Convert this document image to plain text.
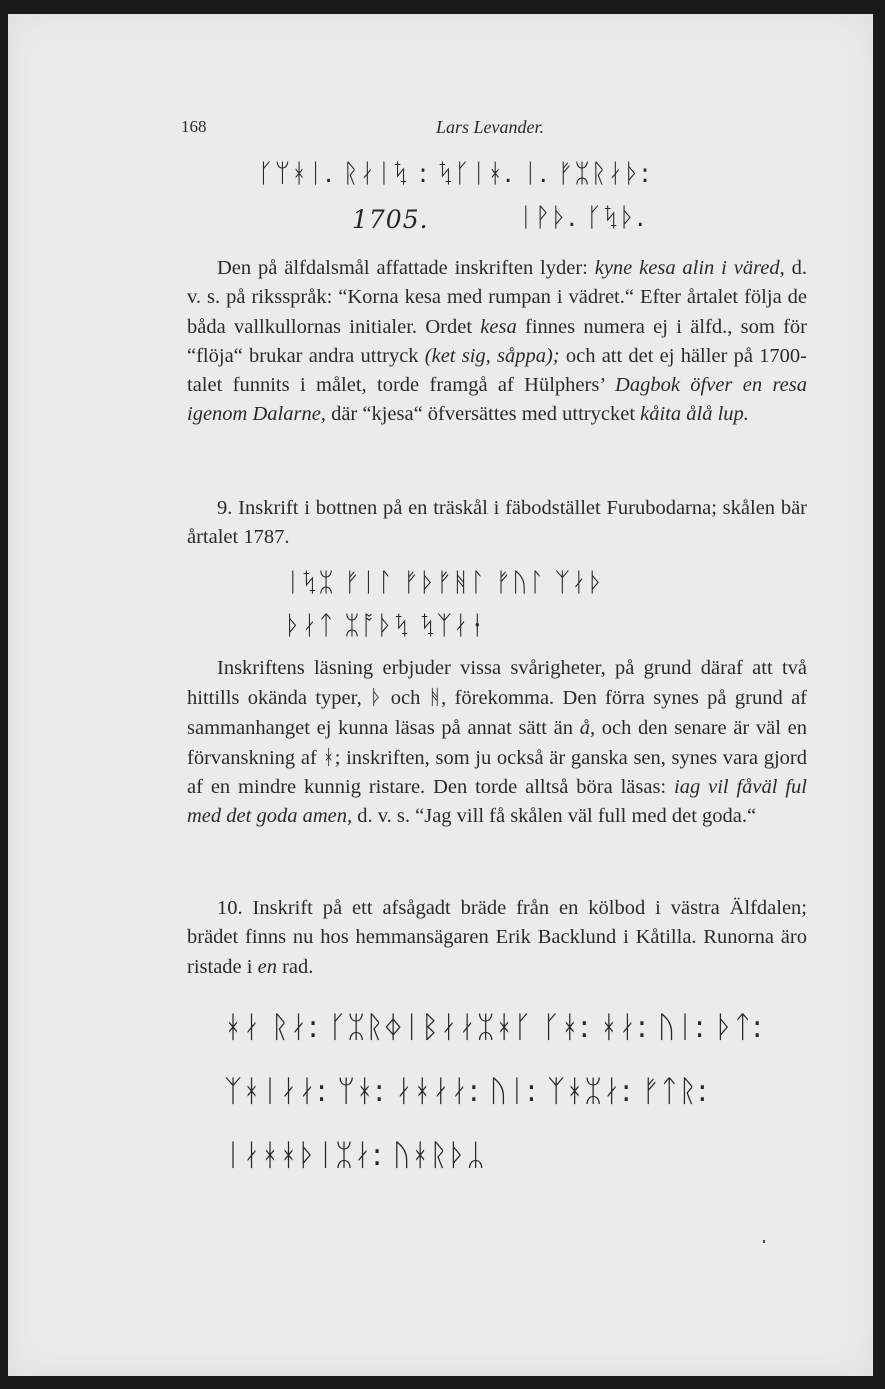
168	Lars Levander.
ᚴᛘᚼᛁ. ᚱᛅᛁᛪ : ᛪᚴᛁᚼ. ᛁ. ᚠᛯᚱᛅᚦ:
1705.	ᛁᚹᚦ. ᚴᛪᚦ.

Den på älfdalsmål affattade inskriften lyder: kyne kesa alin i väred, d. v. s. på riksspråk: “Korna kesa med rumpan i vädret.“ Efter årtalet följa de båda vallkullornas initialer. Ordet kesa finnes numera ej i älfd., som för “flöja“ brukar andra uttryck (ket sig, såppa); och att det ej häller på 1700-talet funnits i målet, torde framgå af Hülphers’ Dagbok öfver en resa igenom Dalarne, där “kjesa“ öfversättes med uttrycket kåita ålå lup.

9. Inskrift i bottnen på en träskål i fäbodstället Furubodarna; skålen bär årtalet 1787.

ᛁᛪᛯ ᚠᛁᛚ ᚠᚦᚠᚻᛚ ᚠᚢᛚ ᛉᛅᚦ
ᚦᛅᛏ ᛯᚩᚦᛪ ᛪᛉᛅᚽ

Inskriftens läsning erbjuder vissa svårigheter, på grund däraf att två hittills okända typer, ᚦ och ᚻ, förekomma. Den förra synes på grund af sammanhanget ej kunna läsas på annat sätt än å, och den senare är väl en förvanskning af ᚼ; inskriften, som ju också är ganska sen, synes vara gjord af en mindre kunnig ristare. Den torde alltså böra läsas: iag vil fåväl ful med det goda amen, d. v. s. “Jag vill få skålen väl full med det goda.“

10. Inskrift på ett afsågadt bräde från en kölbod i västra Älfdalen; brädet finns nu hos hemmansägaren Erik Backlund i Kåtilla. Runorna äro ristade i en rad.

ᚼᛅ ᚱᛅ: ᚴᛯᚱᛄᛁᛒᛅᛅᛯᚼᚴ ᚴᚼ: ᚼᛅ: ᚢᛁ: ᚦᛏ:
ᛉᚼᛁᛅᛅ: ᛘᚼ: ᛅᚼᛅᛅ: ᚢᛁ: ᛉᚼᛯᛅ: ᚠᛏᚱ:
ᛁᛅᚼᚼᚦᛁᛯᛅ: ᚢᚼᚱᚦᛦ
